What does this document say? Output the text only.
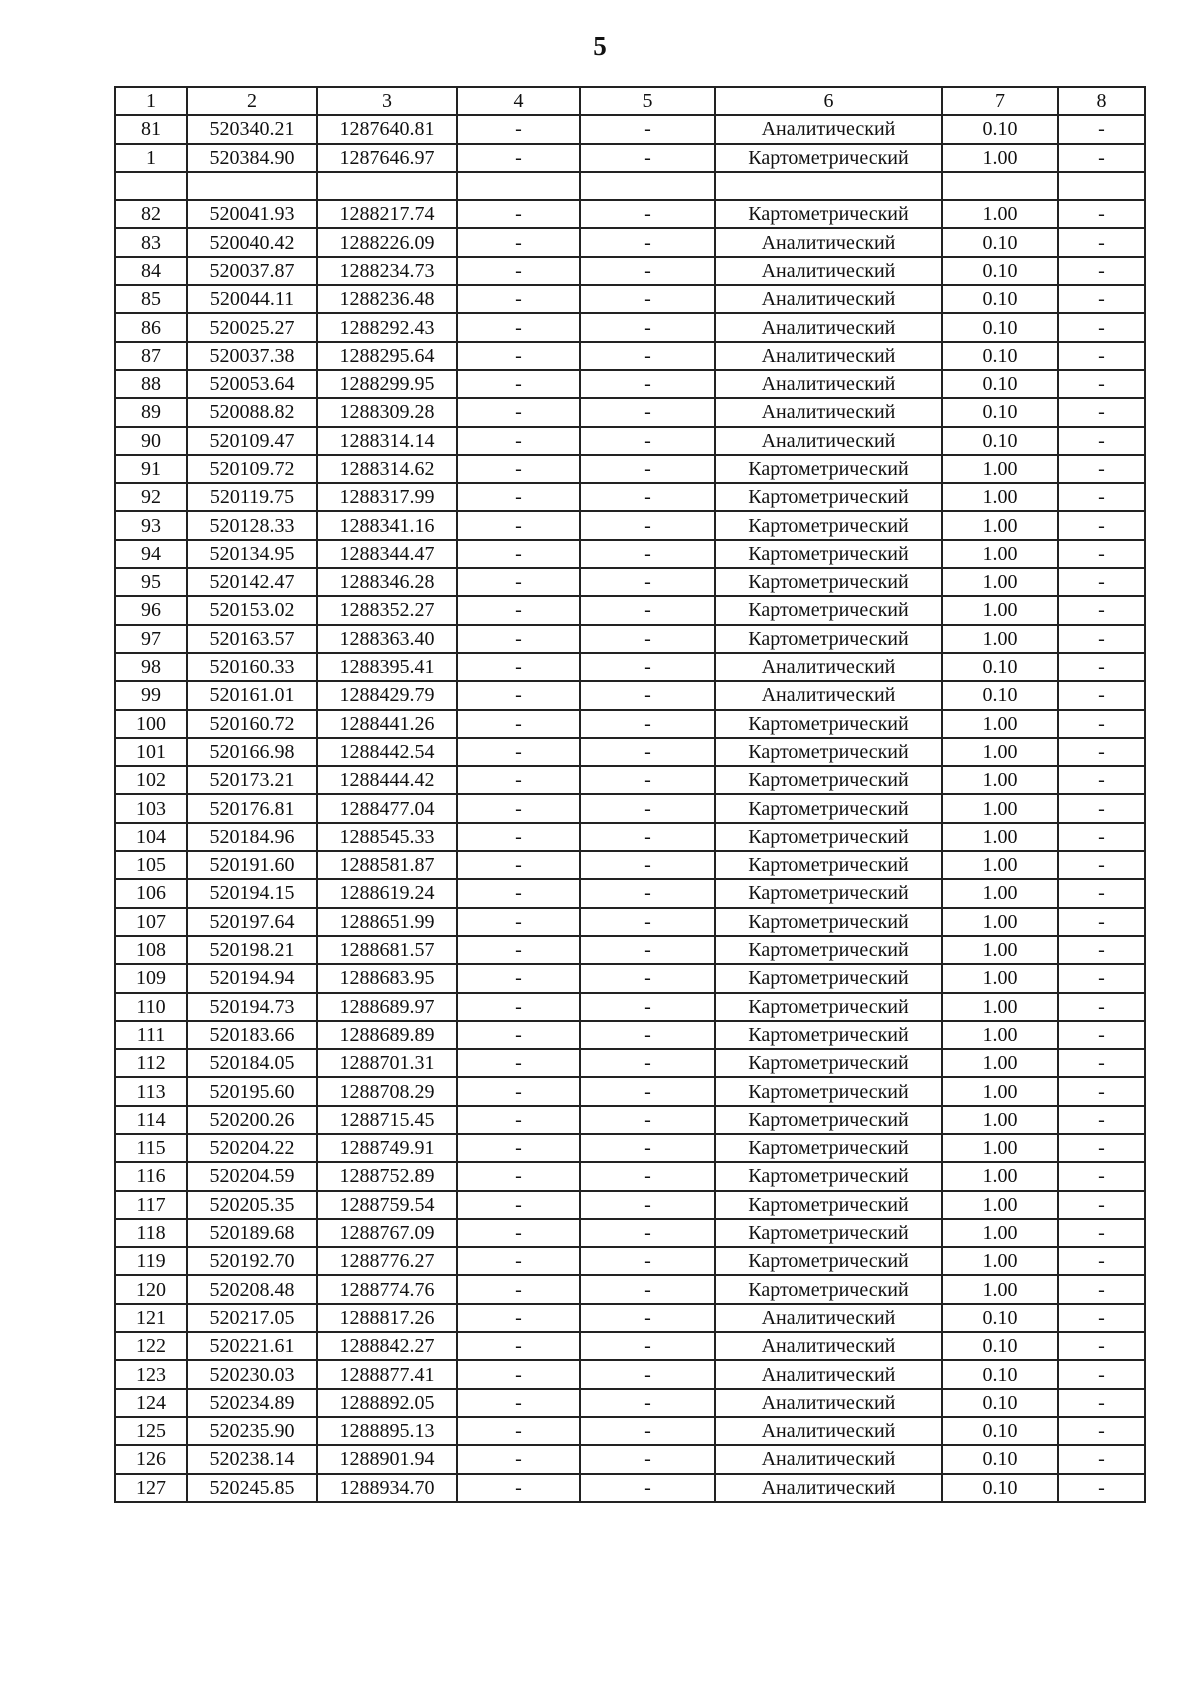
5
1	2	3	4	5	6	7	8
81	520340.21	1287640.81	-	-	Аналитический	0.10	-
1	520384.90	1287646.97	-	-	Картометрический	1.00	-

82	520041.93	1288217.74	-	-	Картометрический	1.00	-
83	520040.42	1288226.09	-	-	Аналитический	0.10	-
84	520037.87	1288234.73	-	-	Аналитический	0.10	-
85	520044.11	1288236.48	-	-	Аналитический	0.10	-
86	520025.27	1288292.43	-	-	Аналитический	0.10	-
87	520037.38	1288295.64	-	-	Аналитический	0.10	-
88	520053.64	1288299.95	-	-	Аналитический	0.10	-
89	520088.82	1288309.28	-	-	Аналитический	0.10	-
90	520109.47	1288314.14	-	-	Аналитический	0.10	-
91	520109.72	1288314.62	-	-	Картометрический	1.00	-
92	520119.75	1288317.99	-	-	Картометрический	1.00	-
93	520128.33	1288341.16	-	-	Картометрический	1.00	-
94	520134.95	1288344.47	-	-	Картометрический	1.00	-
95	520142.47	1288346.28	-	-	Картометрический	1.00	-
96	520153.02	1288352.27	-	-	Картометрический	1.00	-
97	520163.57	1288363.40	-	-	Картометрический	1.00	-
98	520160.33	1288395.41	-	-	Аналитический	0.10	-
99	520161.01	1288429.79	-	-	Аналитический	0.10	-
100	520160.72	1288441.26	-	-	Картометрический	1.00	-
101	520166.98	1288442.54	-	-	Картометрический	1.00	-
102	520173.21	1288444.42	-	-	Картометрический	1.00	-
103	520176.81	1288477.04	-	-	Картометрический	1.00	-
104	520184.96	1288545.33	-	-	Картометрический	1.00	-
105	520191.60	1288581.87	-	-	Картометрический	1.00	-
106	520194.15	1288619.24	-	-	Картометрический	1.00	-
107	520197.64	1288651.99	-	-	Картометрический	1.00	-
108	520198.21	1288681.57	-	-	Картометрический	1.00	-
109	520194.94	1288683.95	-	-	Картометрический	1.00	-
110	520194.73	1288689.97	-	-	Картометрический	1.00	-
111	520183.66	1288689.89	-	-	Картометрический	1.00	-
112	520184.05	1288701.31	-	-	Картометрический	1.00	-
113	520195.60	1288708.29	-	-	Картометрический	1.00	-
114	520200.26	1288715.45	-	-	Картометрический	1.00	-
115	520204.22	1288749.91	-	-	Картометрический	1.00	-
116	520204.59	1288752.89	-	-	Картометрический	1.00	-
117	520205.35	1288759.54	-	-	Картометрический	1.00	-
118	520189.68	1288767.09	-	-	Картометрический	1.00	-
119	520192.70	1288776.27	-	-	Картометрический	1.00	-
120	520208.48	1288774.76	-	-	Картометрический	1.00	-
121	520217.05	1288817.26	-	-	Аналитический	0.10	-
122	520221.61	1288842.27	-	-	Аналитический	0.10	-
123	520230.03	1288877.41	-	-	Аналитический	0.10	-
124	520234.89	1288892.05	-	-	Аналитический	0.10	-
125	520235.90	1288895.13	-	-	Аналитический	0.10	-
126	520238.14	1288901.94	-	-	Аналитический	0.10	-
127	520245.85	1288934.70	-	-	Аналитический	0.10	-
